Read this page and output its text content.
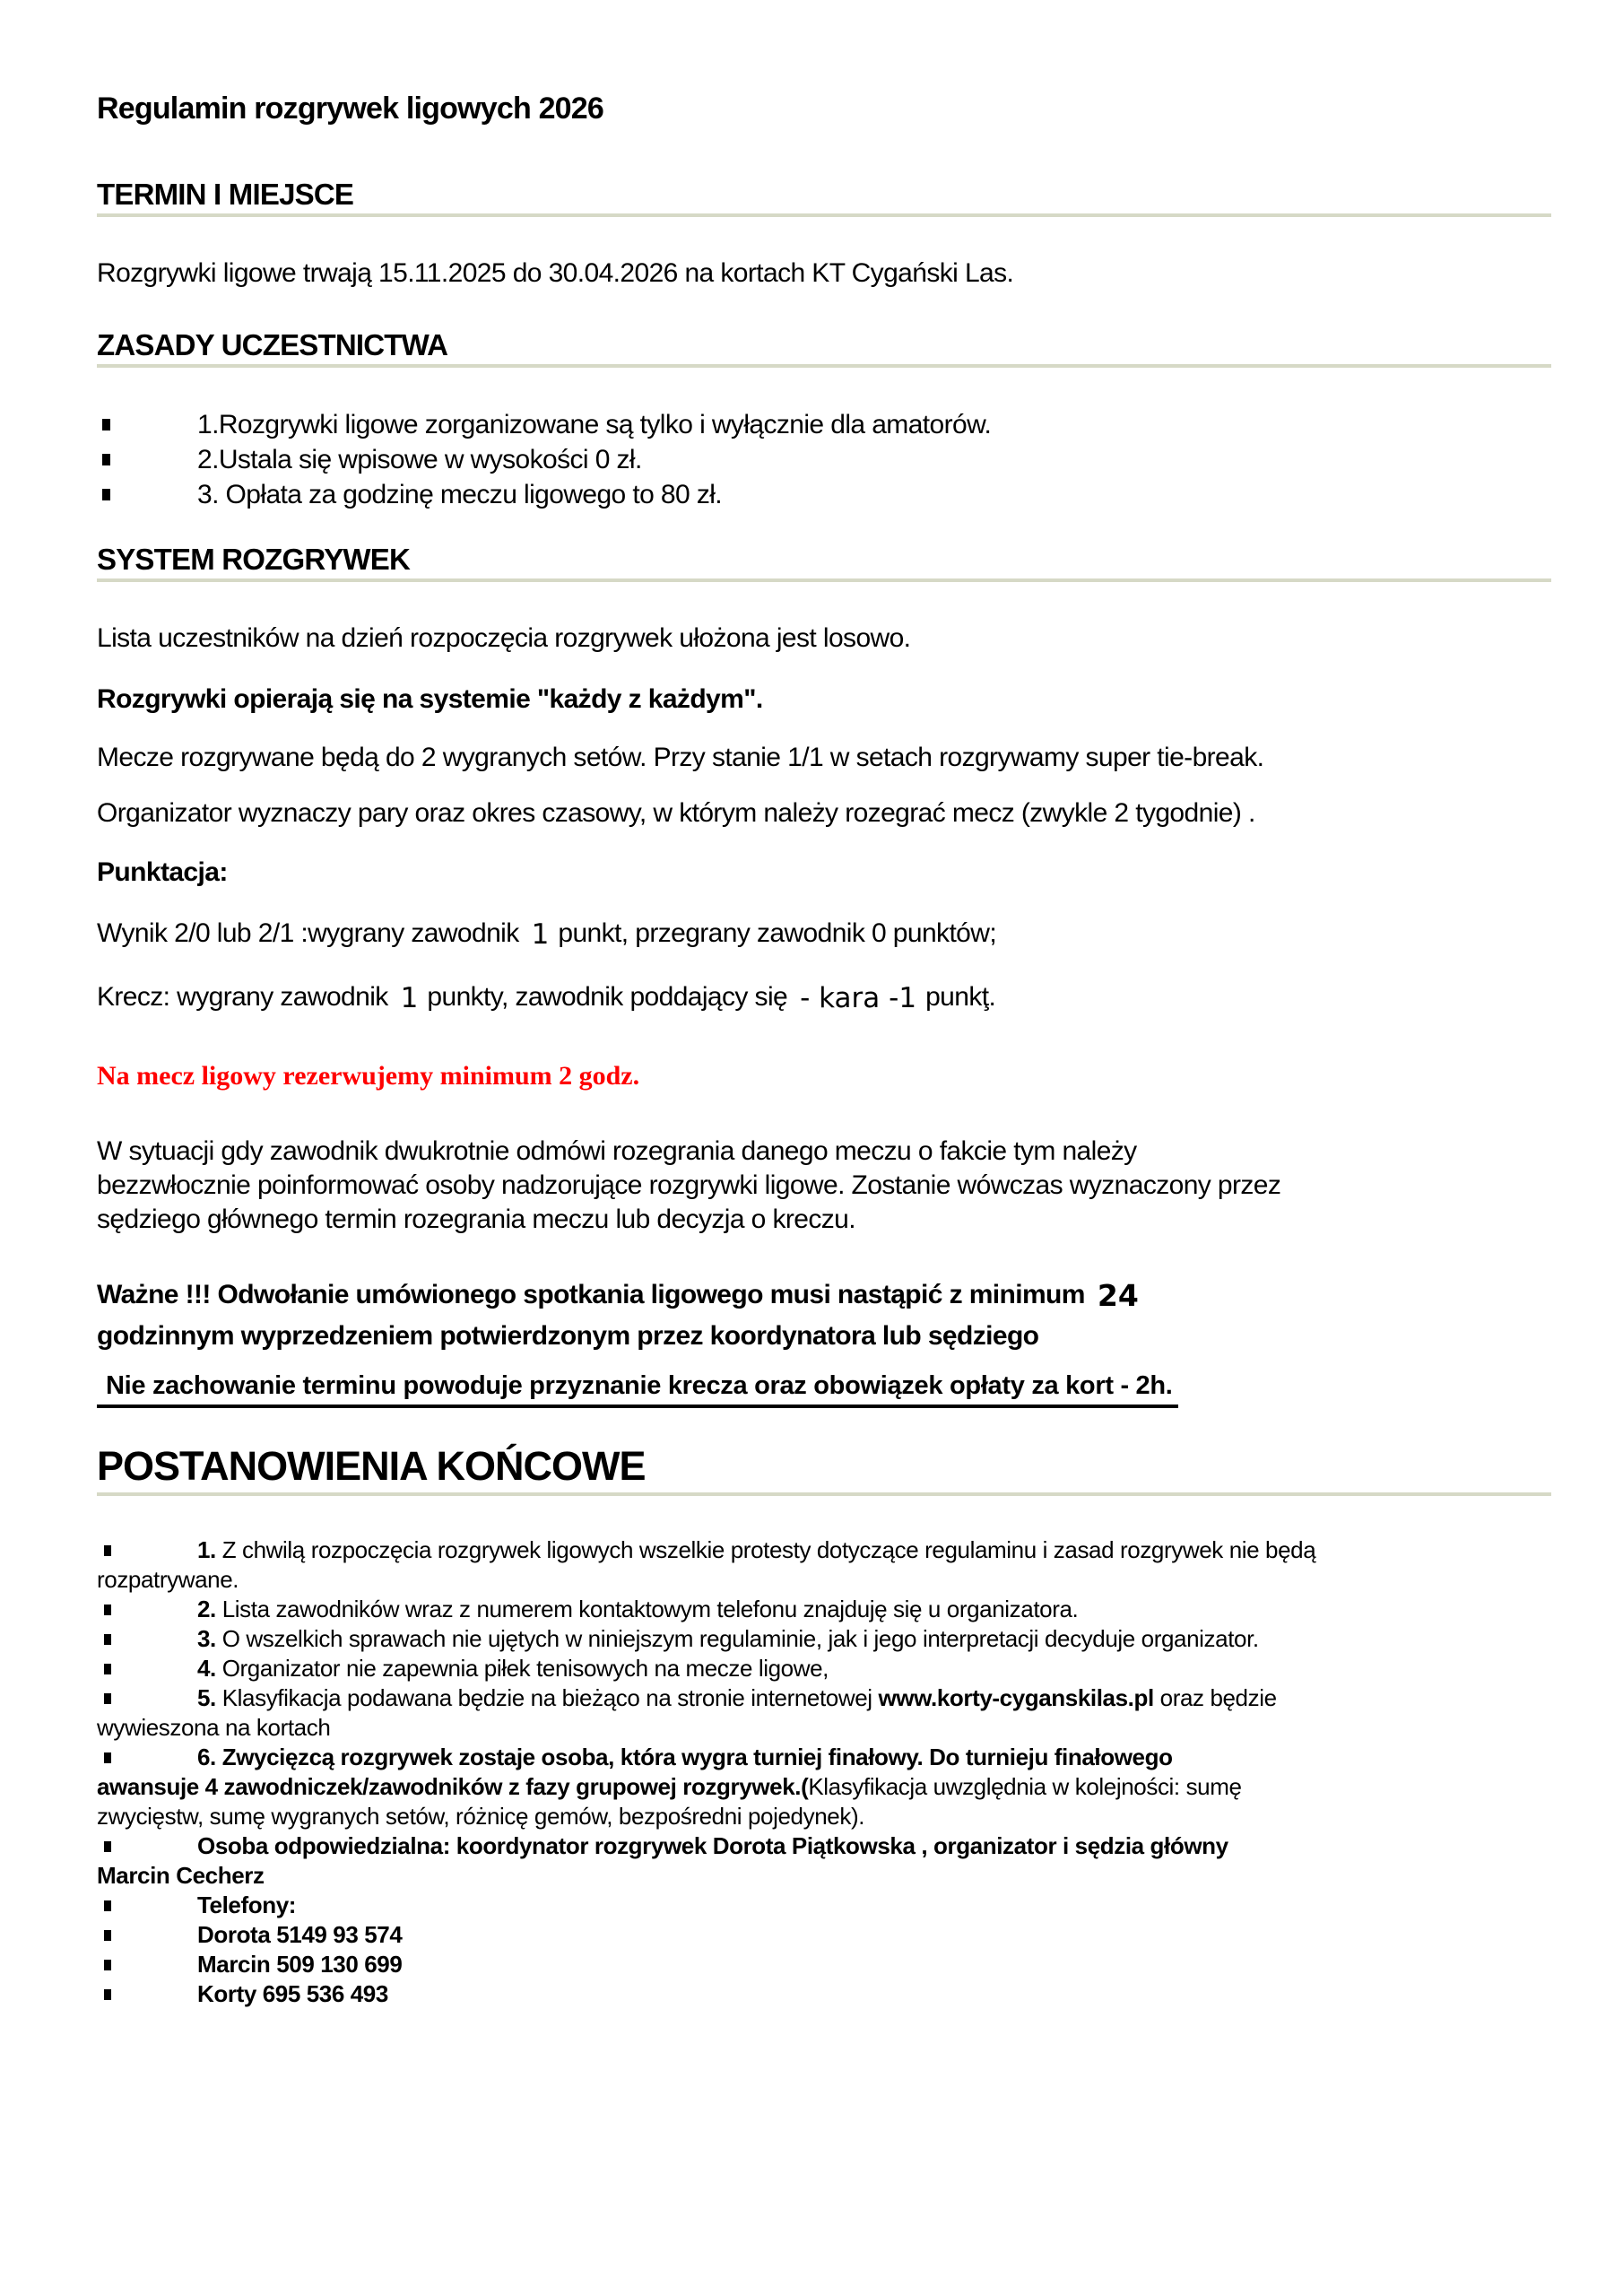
Regulamin rozgrywek ligowych 2026
TERMIN I MIEJSCE

Rozgrywki ligowe trwają 15.11.2025 do 30.04.2026 na kortach KT Cygański Las.

ZASADY UCZESTNICTWA
1.Rozgrywki ligowe zorganizowane są tylko i wyłącznie dla amatorów.
2.Ustala się wpisowe w wysokości 0 zł.
3. Opłata za godzinę meczu ligowego to 80 zł.
SYSTEM ROZGRYWEK

Lista uczestników na dzień rozpoczęcia rozgrywek ułożona jest losowo.

Rozgrywki opierają się na systemie "każdy z każdym".

Mecze rozgrywane będą do 2 wygranych setów. Przy stanie 1/1 w setach rozgrywamy super tie-break.

Organizator wyznaczy pary oraz okres czasowy, w którym należy rozegrać mecz (zwykle 2 tygodnie) .

Punktacja:

Wynik 2/0 lub 2/1 :wygrany zawodnik 1 punkt, przegrany zawodnik 0 punktów;

Krecz: wygrany zawodnik 1 punkty, zawodnik poddający się - kara -1 punkţ.

Na mecz ligowy rezerwujemy minimum 2 godz.

W sytuacji gdy zawodnik dwukrotnie odmówi rozegrania danego meczu o fakcie tym należy
bezzwłocznie poinformować osoby nadzorujące rozgrywki ligowe. Zostanie wówczas wyznaczony przez
sędziego głównego termin rozegrania meczu lub decyzja o kreczu.

Ważne !!! Odwołanie umówionego spotkania ligowego musi nastąpić z minimum 24
godzinnym wyprzedzeniem potwierdzonym przez koordynatora lub sędziego

Nie zachowanie terminu powoduje przyznanie krecza oraz obowiązek opłaty za kort - 2h.

POSTANOWIENIA KOŃCOWE
1. Z chwilą rozpoczęcia rozgrywek ligowych wszelkie protesty dotyczące regulaminu i zasad rozgrywek nie będą
rozpatrywane.
2. Lista zawodników wraz z numerem kontaktowym telefonu znajduję się u organizatora.
3. O wszelkich sprawach nie ujętych w niniejszym regulaminie, jak i jego interpretacji decyduje organizator.
4. Organizator nie zapewnia piłek tenisowych na mecze ligowe,
5. Klasyfikacja podawana będzie na bieżąco na stronie internetowej www.korty-cyganskilas.pl oraz będzie
wywieszona na kortach
6. Zwycięzcą rozgrywek zostaje osoba, która wygra turniej finałowy. Do turnieju finałowego
awansuje 4 zawodniczek/zawodników z fazy grupowej rozgrywek.(Klasyfikacja uwzględnia w kolejności: sumę
zwycięstw, sumę wygranych setów, różnicę gemów, bezpośredni pojedynek).
Osoba odpowiedzialna: koordynator rozgrywek Dorota Piątkowska , organizator i sędzia główny
Marcin Cecherz
Telefony:
Dorota 5149 93 574
Marcin 509 130 699
Korty 695 536 493
